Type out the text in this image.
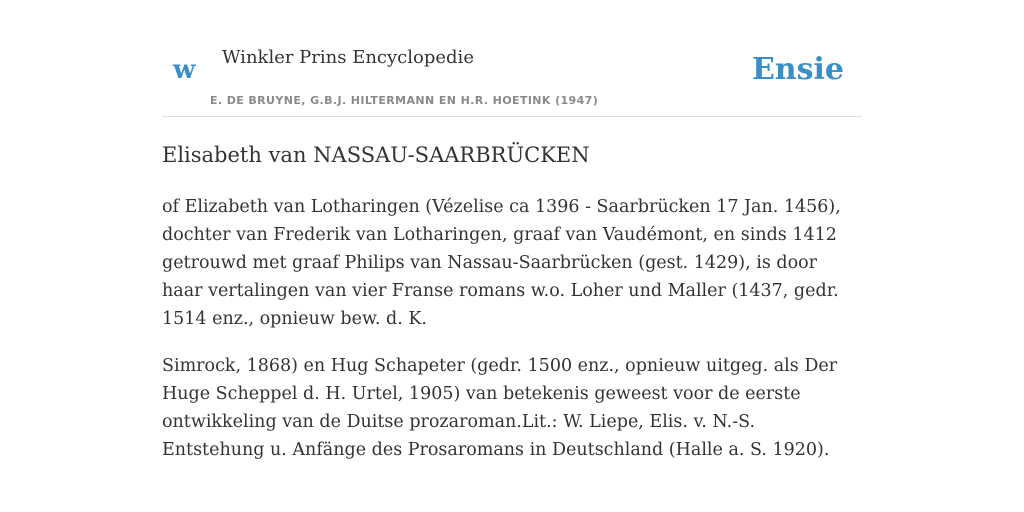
w Winkler Prins Encyclopedie
E. DE BRUYNE, G.B.J. HILTERMANN EN H.R. HOETINK (1947)
Ensie
Elisabeth van NASSAU-SAARBRÜCKEN

of Elizabeth van Lotharingen (Vézelise ca 1396 - Saarbrücken 17 Jan. 1456), dochter van Frederik van Lotharingen, graaf van Vaudémont, en sinds 1412 getrouwd met graaf Philips van Nassau-Saarbrücken (gest. 1429), is door haar vertalingen van vier Franse romans w.o. Loher und Maller (1437, gedr. 1514 enz., opnieuw bew. d. K.

Simrock, 1868) en Hug Schapeter (gedr. 1500 enz., opnieuw uitgeg. als Der Huge Scheppel d. H. Urtel, 1905) van betekenis geweest voor de eerste ontwikkeling van de Duitse prozaroman.Lit.: W. Liepe, Elis. v. N.-S. Entstehung u. Anfänge des Prosaromans in Deutschland (Halle a. S. 1920).
